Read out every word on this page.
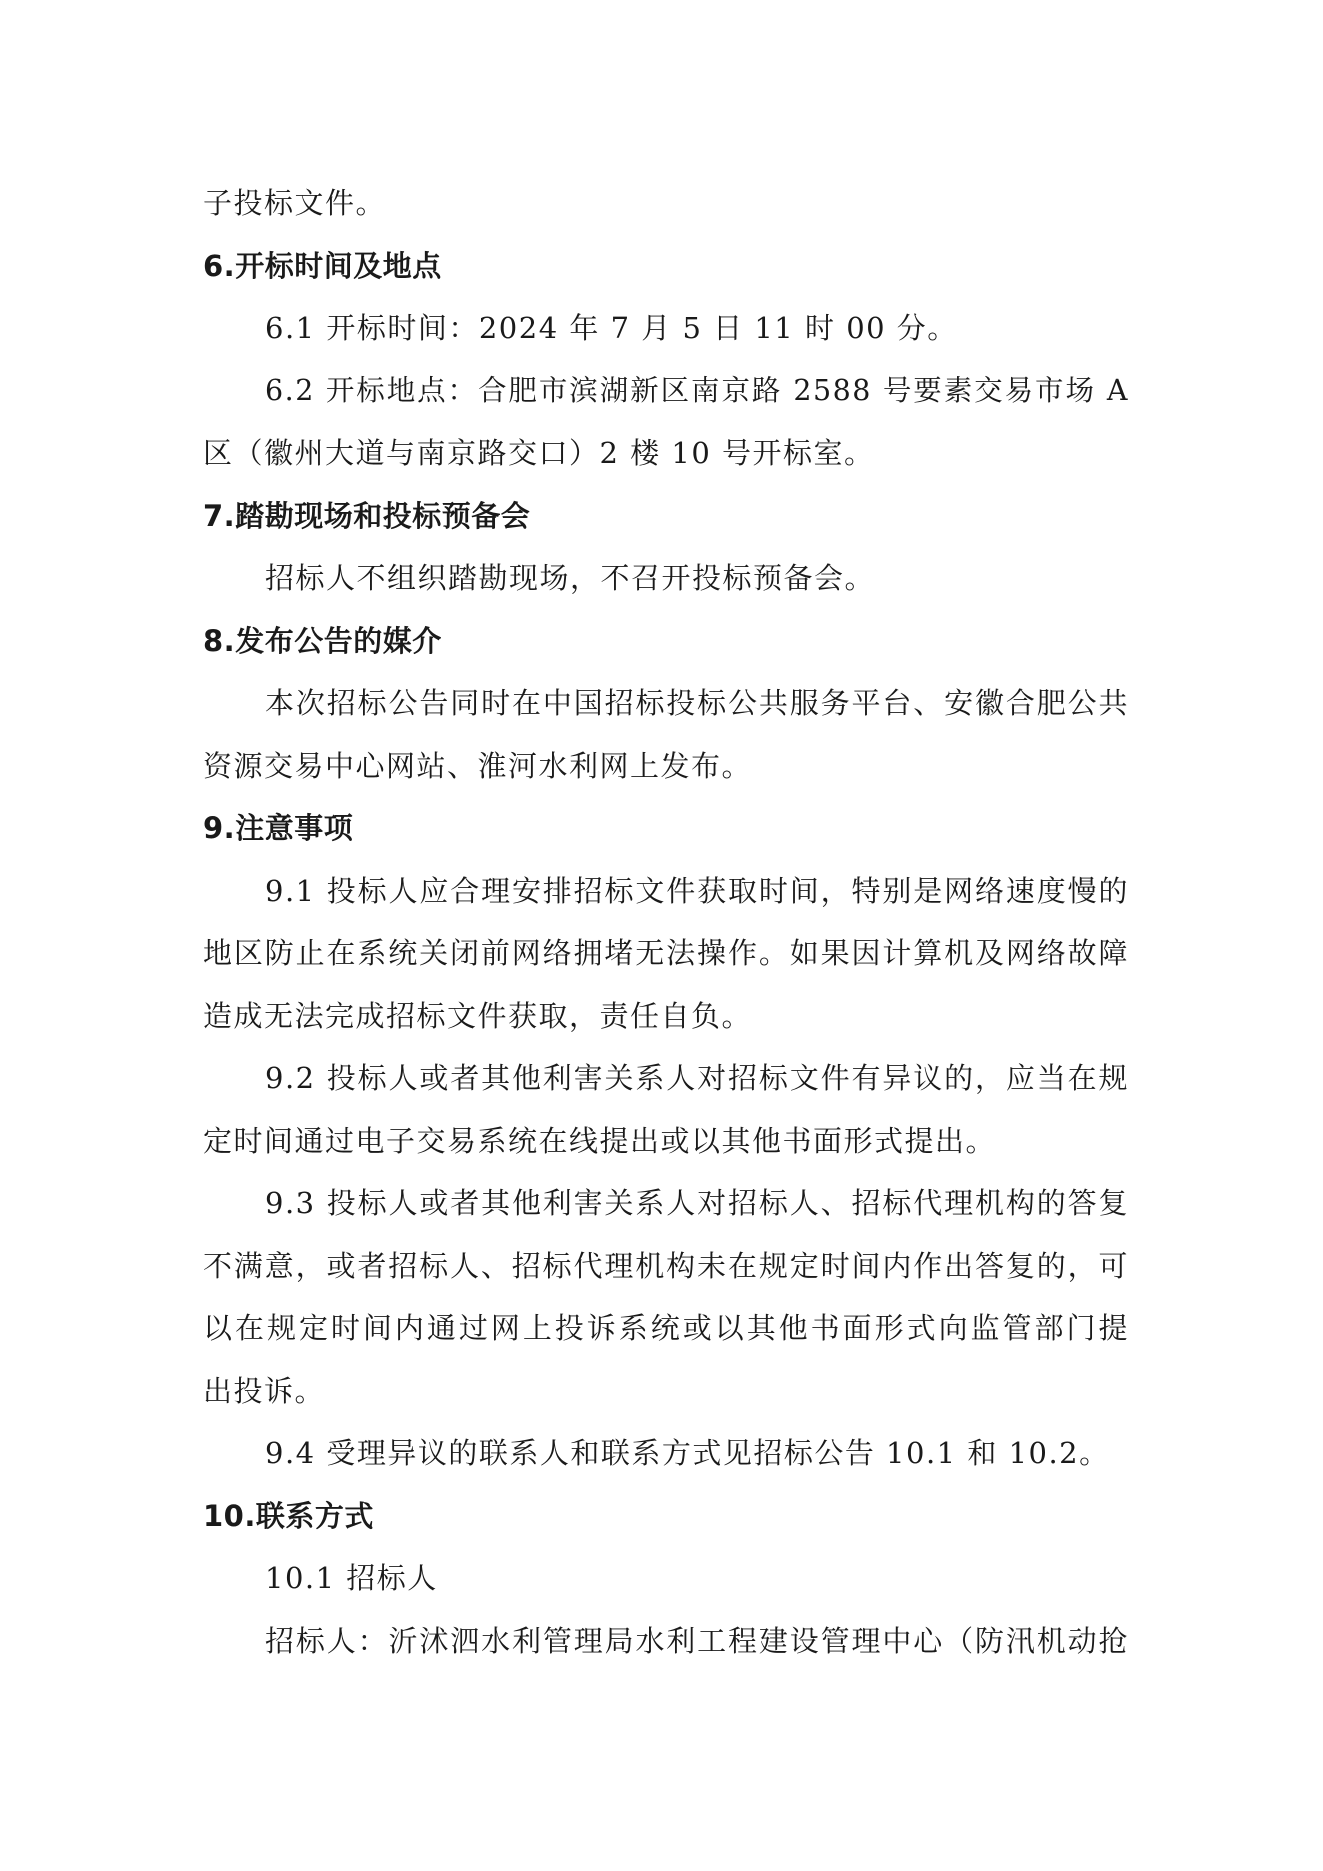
子投标文件。
6.开标时间及地点
6.1 开标时间：2024 年 7 月 5 日 11 时 00 分。
6.2 开标地点：合肥市滨湖新区南京路 2588 号要素交易市场 A
区（徽州大道与南京路交口）2 楼 10 号开标室。
7.踏勘现场和投标预备会
招标人不组织踏勘现场，不召开投标预备会。
8.发布公告的媒介
本次招标公告同时在中国招标投标公共服务平台、安徽合肥公共
资源交易中心网站、淮河水利网上发布。
9.注意事项
9.1 投标人应合理安排招标文件获取时间，特别是网络速度慢的
地区防止在系统关闭前网络拥堵无法操作。如果因计算机及网络故障
造成无法完成招标文件获取，责任自负。
9.2 投标人或者其他利害关系人对招标文件有异议的，应当在规
定时间通过电子交易系统在线提出或以其他书面形式提出。
9.3 投标人或者其他利害关系人对招标人、招标代理机构的答复
不满意，或者招标人、招标代理机构未在规定时间内作出答复的，可
以在规定时间内通过网上投诉系统或以其他书面形式向监管部门提
出投诉。
9.4 受理异议的联系人和联系方式见招标公告 10.1 和 10.2。
10.联系方式
10.1 招标人
招标人：沂沭泗水利管理局水利工程建设管理中心（防汛机动抢
